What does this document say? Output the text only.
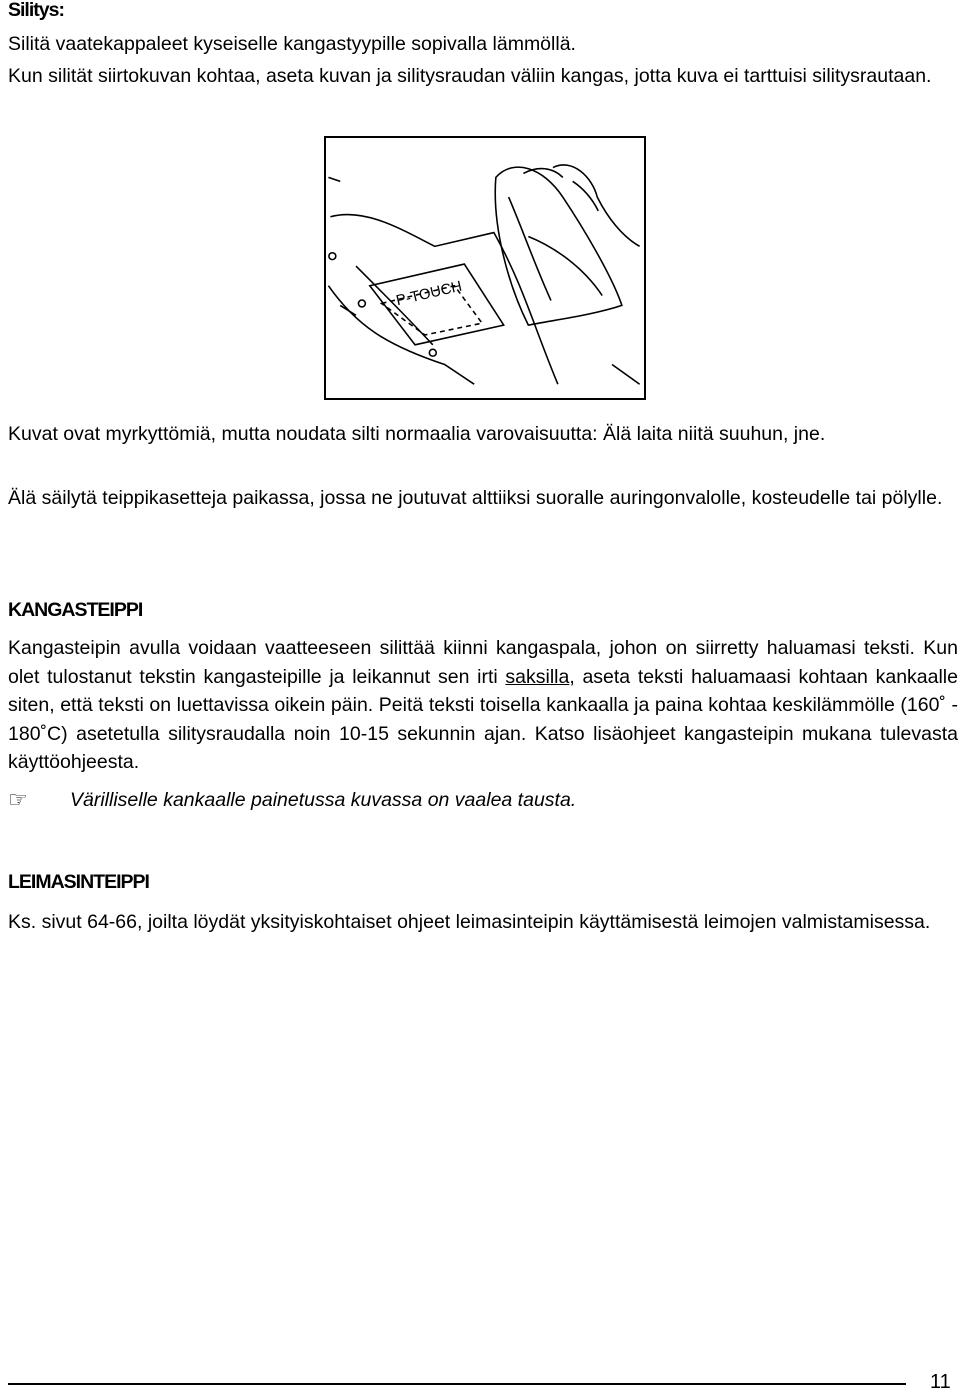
Silitys:

Silitä vaatekappaleet kyseiselle kangastyypille sopivalla lämmöllä.

Kun silität siirtokuvan kohtaa, aseta kuvan ja silitysraudan väliin kangas, jotta kuva ei tarttuisi silitysrautaan.

P-TOUCH

Kuvat ovat myrkyttömiä, mutta noudata silti normaalia varovaisuutta: Älä laita niitä suuhun, jne.

Älä säilytä teippikasetteja paikassa, jossa ne joutuvat alttiiksi suoralle auringonvalolle, kosteudelle tai pölylle.

KANGASTEIPPI

Kangasteipin avulla voidaan vaatteeseen silittää kiinni kangaspala, johon on siirretty haluamasi teksti. Kun olet tulostanut tekstin kangasteipille ja leikannut sen irti saksilla, aseta teksti haluamaasi kohtaan kankaalle siten, että teksti on luettavissa oikein päin. Peitä teksti toisella kankaalla ja paina kohtaa keskilämmölle (160˚ - 180˚C) asetetulla silitysraudalla noin 10-15 sekunnin ajan. Katso lisäohjeet kangasteipin mukana tulevasta käyttöohjeesta.

☞ Värilliselle kankaalle painetussa kuvassa on vaalea tausta.
LEIMASINTEIPPI

Ks. sivut 64-66, joilta löydät yksityiskohtaiset ohjeet leimasinteipin käyttämisestä leimojen valmistamisessa.

11
